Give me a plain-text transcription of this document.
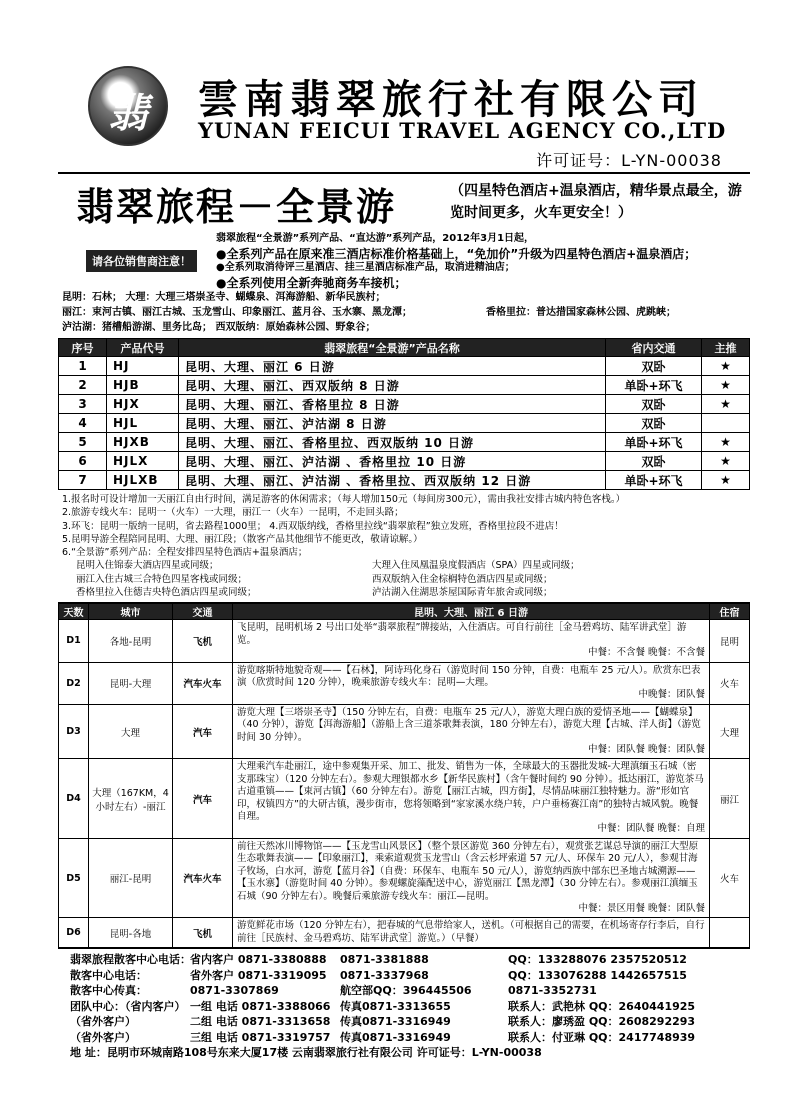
翡	雲南翡翠旅行社有限公司
YUNAN FEICUI TRAVEL AGENCY CO.,LTD
许可证号：L-YN-00038
翡翠旅程－全景游	（四星特色酒店+温泉酒店，精华景点最全，游览时间更多，火车更安全！）
请各位销售商注意！
翡翠旅程“全景游”系列产品、“直达游”系列产品，2012年3月1日起，
●全系列产品在原来准三酒店标准价格基础上，“免加价”升级为四星特色酒店+温泉酒店；
●全系列取消待评三星酒店、挂三星酒店标准产品，取消进精油店；
●全系列使用全新奔驰商务车接机；
昆明：石林； 大理：大理三塔崇圣寺、蝴蝶泉、洱海游船、新华民族村；
丽江：束河古镇、丽江古城、玉龙雪山、印象丽江、蓝月谷、玉水寨、黑龙潭；	香格里拉：普达措国家森林公园、虎跳峡；
泸沽湖：猪槽船游湖、里务比岛； 西双版纳：原始森林公园、野象谷；
序号	产品代号	翡翠旅程“全景游”产品名称	省内交通	主推
1	HJ	昆明、大理、丽江 6 日游	双卧	★
2	HJB	昆明、大理、丽江、西双版纳 8 日游	单卧+环飞	★
3	HJX	昆明、大理、丽江、香格里拉 8 日游	双卧	★
4	HJL	昆明、大理、丽江、泸沽湖 8 日游	双卧	
5	HJXB	昆明、大理、丽江、香格里拉、西双版纳 10 日游	单卧+环飞	★
6	HJLX	昆明、大理、丽江、泸沽湖 、香格里拉 10 日游	双卧	★
7	HJLXB	昆明、大理、丽江、泸沽湖 、香格里拉、西双版纳 12 日游	单卧+环飞	★
1.报名时可设计增加一天丽江自由行时间，满足游客的休闲需求；（每人增加150元（每间房300元），需由我社安排古城内特色客栈。）
2.旅游专线火车：昆明一（火车）一大理，丽江一（火车）一昆明，不走回头路；
3.环飞：昆明一版纳一昆明，省去路程1000里； 4.西双版纳线，香格里拉线“翡翠旅程”独立发班，香格里拉段不进店！
5.昆明导游全程陪同昆明、大理、丽江段；（散客产品其他细节不能更改，敬请谅解。）
6.“全景游”系列产品：全程安排四星特色酒店+温泉酒店；
昆明入住锦泰大酒店四星或同级；	大理入住凤凰温泉度假酒店（SPA）四星或同级；
丽江入住古城三合特色四星客栈或同级；	西双版纳入住金棕榈特色酒店四星或同级；
香格里拉入住德吉央特色酒店四星或同级；	泸沽湖入住湖思茶屋国际青年旅舍或同级；
天数	城市	交通	昆明、大理、丽江 6 日游	住宿
D1	各地-昆明	飞机	飞昆明，昆明机场 2 号出口处举“翡翠旅程”牌接站，入住酒店。可自行前往［金马碧鸡坊、陆军讲武堂］游览。
中餐：不含餐 晚餐：不含餐	昆明
D2	昆明-大理	汽车火车	游览喀斯特地貌奇观——【石林】，阿诗玛化身石（游览时间 150 分钟，自费：电瓶车 25 元/人）。欣赏东巴表演（欣赏时间 120 分钟），晚乘旅游专线火车：昆明—大理。
中晚餐：团队餐	火车
D3	大理	汽车	游览大理【三塔崇圣寺】（150 分钟左右，自费：电瓶车 25 元/人），游览大理白族的爱情圣地——【蝴蝶泉】（40 分钟），游览【洱海游船】（游船上含三道茶歌舞表演，180 分钟左右），游览大理【古城、洋人街】（游览时间 30 分钟）。
中餐：团队餐 晚餐：团队餐	大理
D4	大理（167KM，4 小时左右）-丽江	汽车	大理乘汽车赴丽江，途中参观集开采、加工、批发、销售为一体，全球最大的玉器批发城-大理滇缅玉石城（密支那珠宝）（120 分钟左右）。参观大理银都水乡【新华民族村】（含午餐时间约 90 分钟）。抵达丽江，游览茶马古道重镇——【束河古镇】（60 分钟左右）。游览【丽江古城，四方街】，尽情品味丽江独特魅力。游“形如官印，权镇四方”的大研古镇，漫步街市，您将领略到“家家溪水绕户转，户户垂杨赛江南”的独特古城风貌。晚餐自理。
中餐：团队餐 晚餐：自理	丽江
D5	丽江-昆明	汽车火车	前往天然冰川博物馆——【玉龙雪山风景区】（整个景区游览 360 分钟左右），观赏张艺谋总导演的丽江大型原生态歌舞表演——【印象丽江】，乘索道观赏玉龙雪山（含云杉坪索道 57 元/人、环保车 20 元/人），参观甘海子牧场，白水河，游览【蓝月谷】（自费：环保车、电瓶车 50 元/人），游览纳西族中部东巴圣地古城溯源——【玉水寨】（游览时间 40 分钟）。参观螺旋藻配送中心，游览丽江【黑龙潭】（30 分钟左右）。参观丽江滇缅玉石城（90 分钟左右）。晚餐后乘旅游专线火车：丽江—昆明。
中餐：景区用餐 晚餐：团队餐	火车
D6	昆明-各地	飞机	游览鲜花市场（120 分钟左右），把春城的气息带给家人，送机。（可根据自己的需要，在机场寄存行李后，自行前往［民族村、金马碧鸡坊、陆军讲武堂］游览。）（早餐）	

翡翠旅程散客中心电话： 省内客户 0871-3380888	0871-3381888	QQ：133288076 2357520512
散客中心电话：	省外客户 0871-3319095	0871-3337968	QQ：133076288 1442657515
散客中心传真：	0871-3307869	航空部QQ：396445506	0871-3352731
团队中心：（省内客户） 一组 电话 0871-3388066 传真0871-3313655	联系人：武艳林 QQ：2640441925
（省外客户）	二组 电话 0871-3313658 传真0871-3316949	联系人：廖琇盈 QQ：2608292293
（省外客户）	三组 电话 0871-3319757 传真0871-3316949	联系人：付亚琳 QQ：2417748939
地 址：昆明市环城南路108号东来大厦17楼 云南翡翠旅行社有限公司 许可证号：L-YN-00038
